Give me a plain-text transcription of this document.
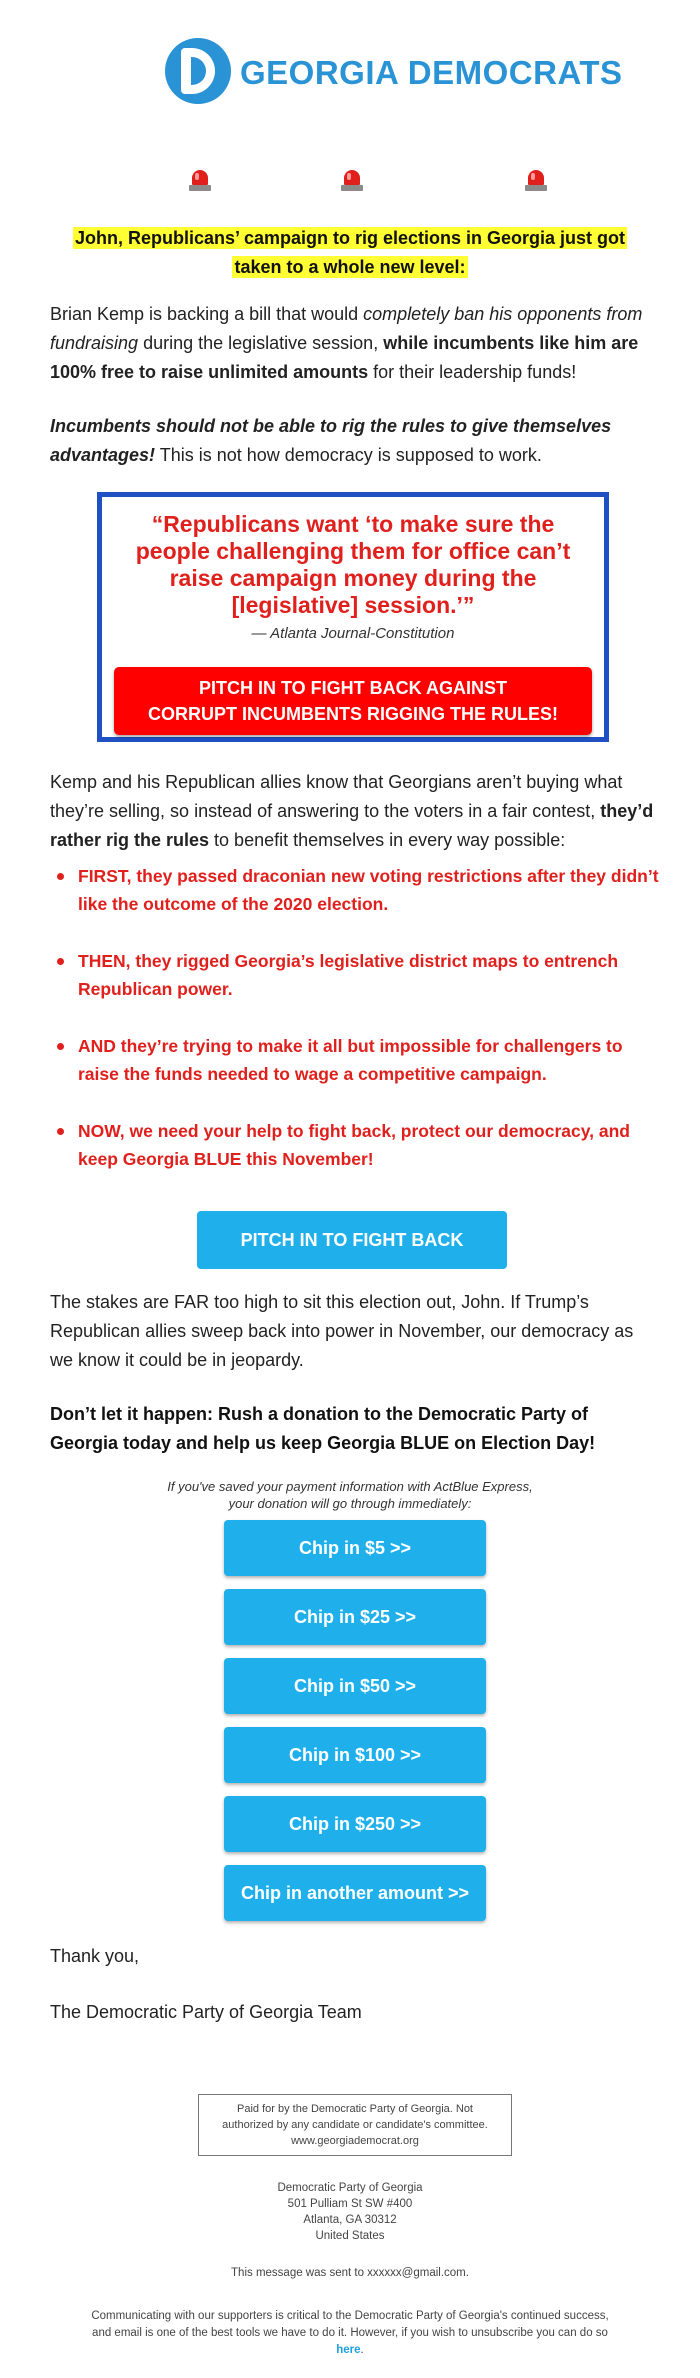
GEORGIA DEMOCRATS
John, Republicans’ campaign to rig elections in Georgia just got
taken to a whole new level:
Brian Kemp is backing a bill that would completely ban his opponents from fundraising during the legislative session, while incumbents like him are 100% free to raise unlimited amounts for their leadership funds!
Incumbents should not be able to rig the rules to give themselves advantages! This is not how democracy is supposed to work.
“Republicans want ‘to make sure the people challenging them for office can’t raise campaign money during the [legislative] session.’”
— Atlanta Journal-Constitution
PITCH IN TO FIGHT BACK AGAINST
CORRUPT INCUMBENTS RIGGING THE RULES!
Kemp and his Republican allies know that Georgians aren’t buying what they’re selling, so instead of answering to the voters in a fair contest, they’d rather rig the rules to benefit themselves in every way possible:
FIRST, they passed draconian new voting restrictions after they didn’t like the outcome of the 2020 election.
THEN, they rigged Georgia’s legislative district maps to entrench Republican power.
AND they’re trying to make it all but impossible for challengers to raise the funds needed to wage a competitive campaign.
NOW, we need your help to fight back, protect our democracy, and keep Georgia BLUE this November!
PITCH IN TO FIGHT BACK
The stakes are FAR too high to sit this election out, John. If Trump’s Republican allies sweep back into power in November, our democracy as we know it could be in jeopardy.
Don’t let it happen: Rush a donation to the Democratic Party of Georgia today and help us keep Georgia BLUE on Election Day!
If you've saved your payment information with ActBlue Express,
your donation will go through immediately:
Chip in $5 >>
Chip in $25 >>
Chip in $50 >>
Chip in $100 >>
Chip in $250 >>
Chip in another amount >>
Thank you,
The Democratic Party of Georgia Team
Paid for by the Democratic Party of Georgia. Not
authorized by any candidate or candidate's committee.
www.georgiademocrat.org
Democratic Party of Georgia
501 Pulliam St SW #400
Atlanta, GA 30312
United States
This message was sent to xxxxxx@gmail.com.
Communicating with our supporters is critical to the Democratic Party of Georgia's continued success, and email is one of the best tools we have to do it. However, if you wish to unsubscribe you can do so here.
